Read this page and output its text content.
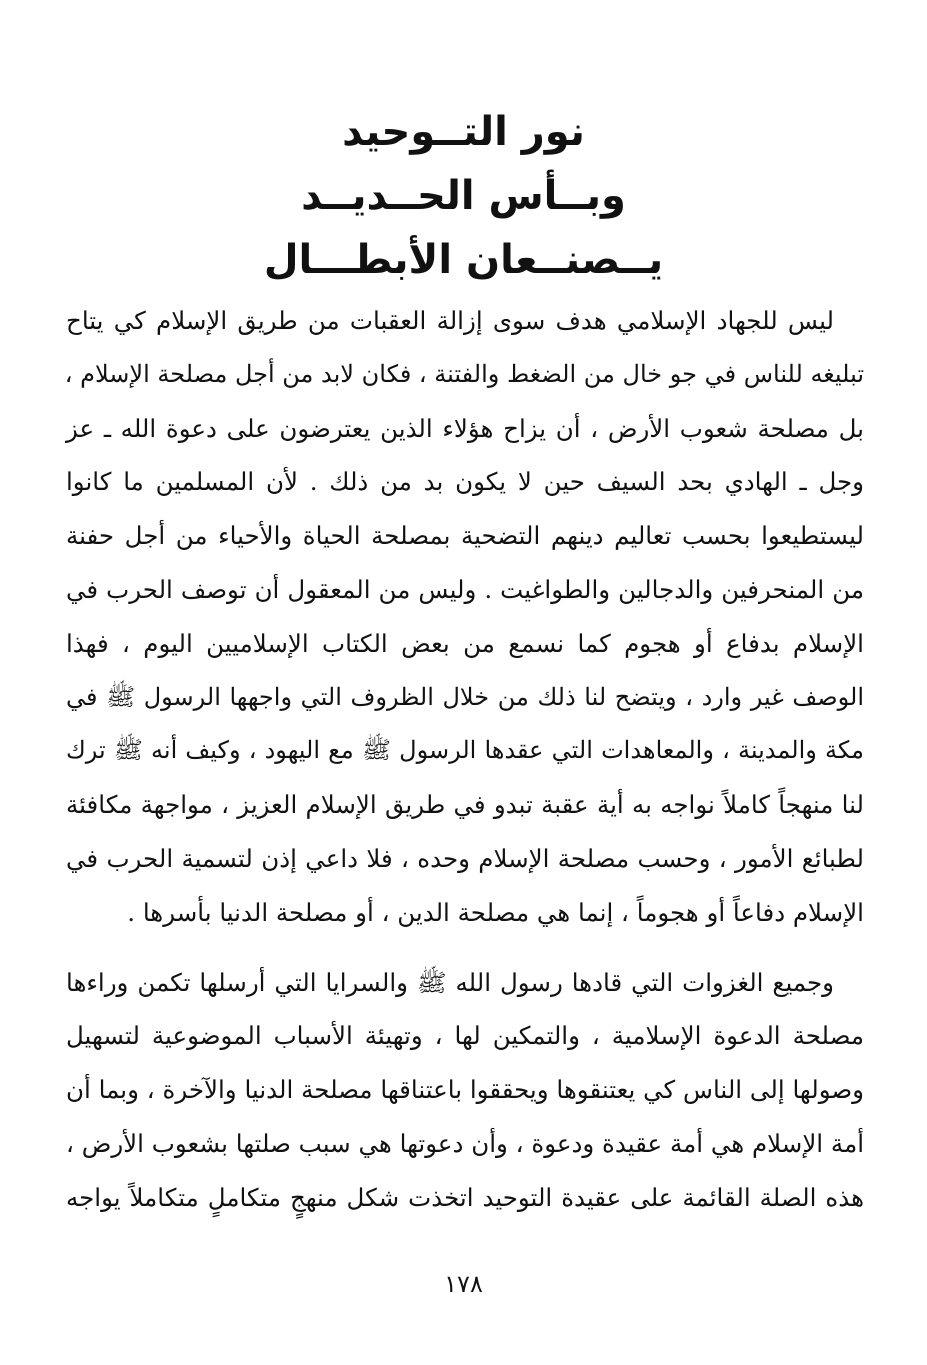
نور التــوحيد
وبــأس الحــديــد
يــصنــعان الأبطـــال
ليس للجهاد الإسلامي هدف سوى إزالة العقبات من طريق الإسلام كي يتاح
تبليغه للناس في جو خال من الضغط والفتنة ، فكان لابد من أجل مصلحة الإسلام ،
بل مصلحة شعوب الأرض ، أن يزاح هؤلاء الذين يعترضون على دعوة الله ـ عز
وجل ـ الهادي بحد السيف حين لا يكون بد من ذلك . لأن المسلمين ما كانوا
ليستطيعوا بحسب تعاليم دينهم التضحية بمصلحة الحياة والأحياء من أجل حفنة
من المنحرفين والدجالين والطواغيت . وليس من المعقول أن توصف الحرب في
الإسلام بدفاع أو هجوم كما نسمع من بعض الكتاب الإسلاميين اليوم ، فهذا
الوصف غير وارد ، ويتضح لنا ذلك من خلال الظروف التي واجهها الرسول ﷺ في
مكة والمدينة ، والمعاهدات التي عقدها الرسول ﷺ مع اليهود ، وكيف أنه ﷺ ترك
لنا منهجاً كاملاً نواجه به أية عقبة تبدو في طريق الإسلام العزيز ، مواجهة مكافئة
لطبائع الأمور ، وحسب مصلحة الإسلام وحده ، فلا داعي إذن لتسمية الحرب في
الإسلام دفاعاً أو هجوماً ، إنما هي مصلحة الدين ، أو مصلحة الدنيا بأسرها .
وجميع الغزوات التي قادها رسول الله ﷺ والسرايا التي أرسلها تكمن وراءها
مصلحة الدعوة الإسلامية ، والتمكين لها ، وتهيئة الأسباب الموضوعية لتسهيل
وصولها إلى الناس كي يعتنقوها ويحققوا باعتناقها مصلحة الدنيا والآخرة ، وبما أن
أمة الإسلام هي أمة عقيدة ودعوة ، وأن دعوتها هي سبب صلتها بشعوب الأرض ،
هذه الصلة القائمة على عقيدة التوحيد اتخذت شكل منهجٍ متكاملٍ متكاملاً يواجه
١٧٨
